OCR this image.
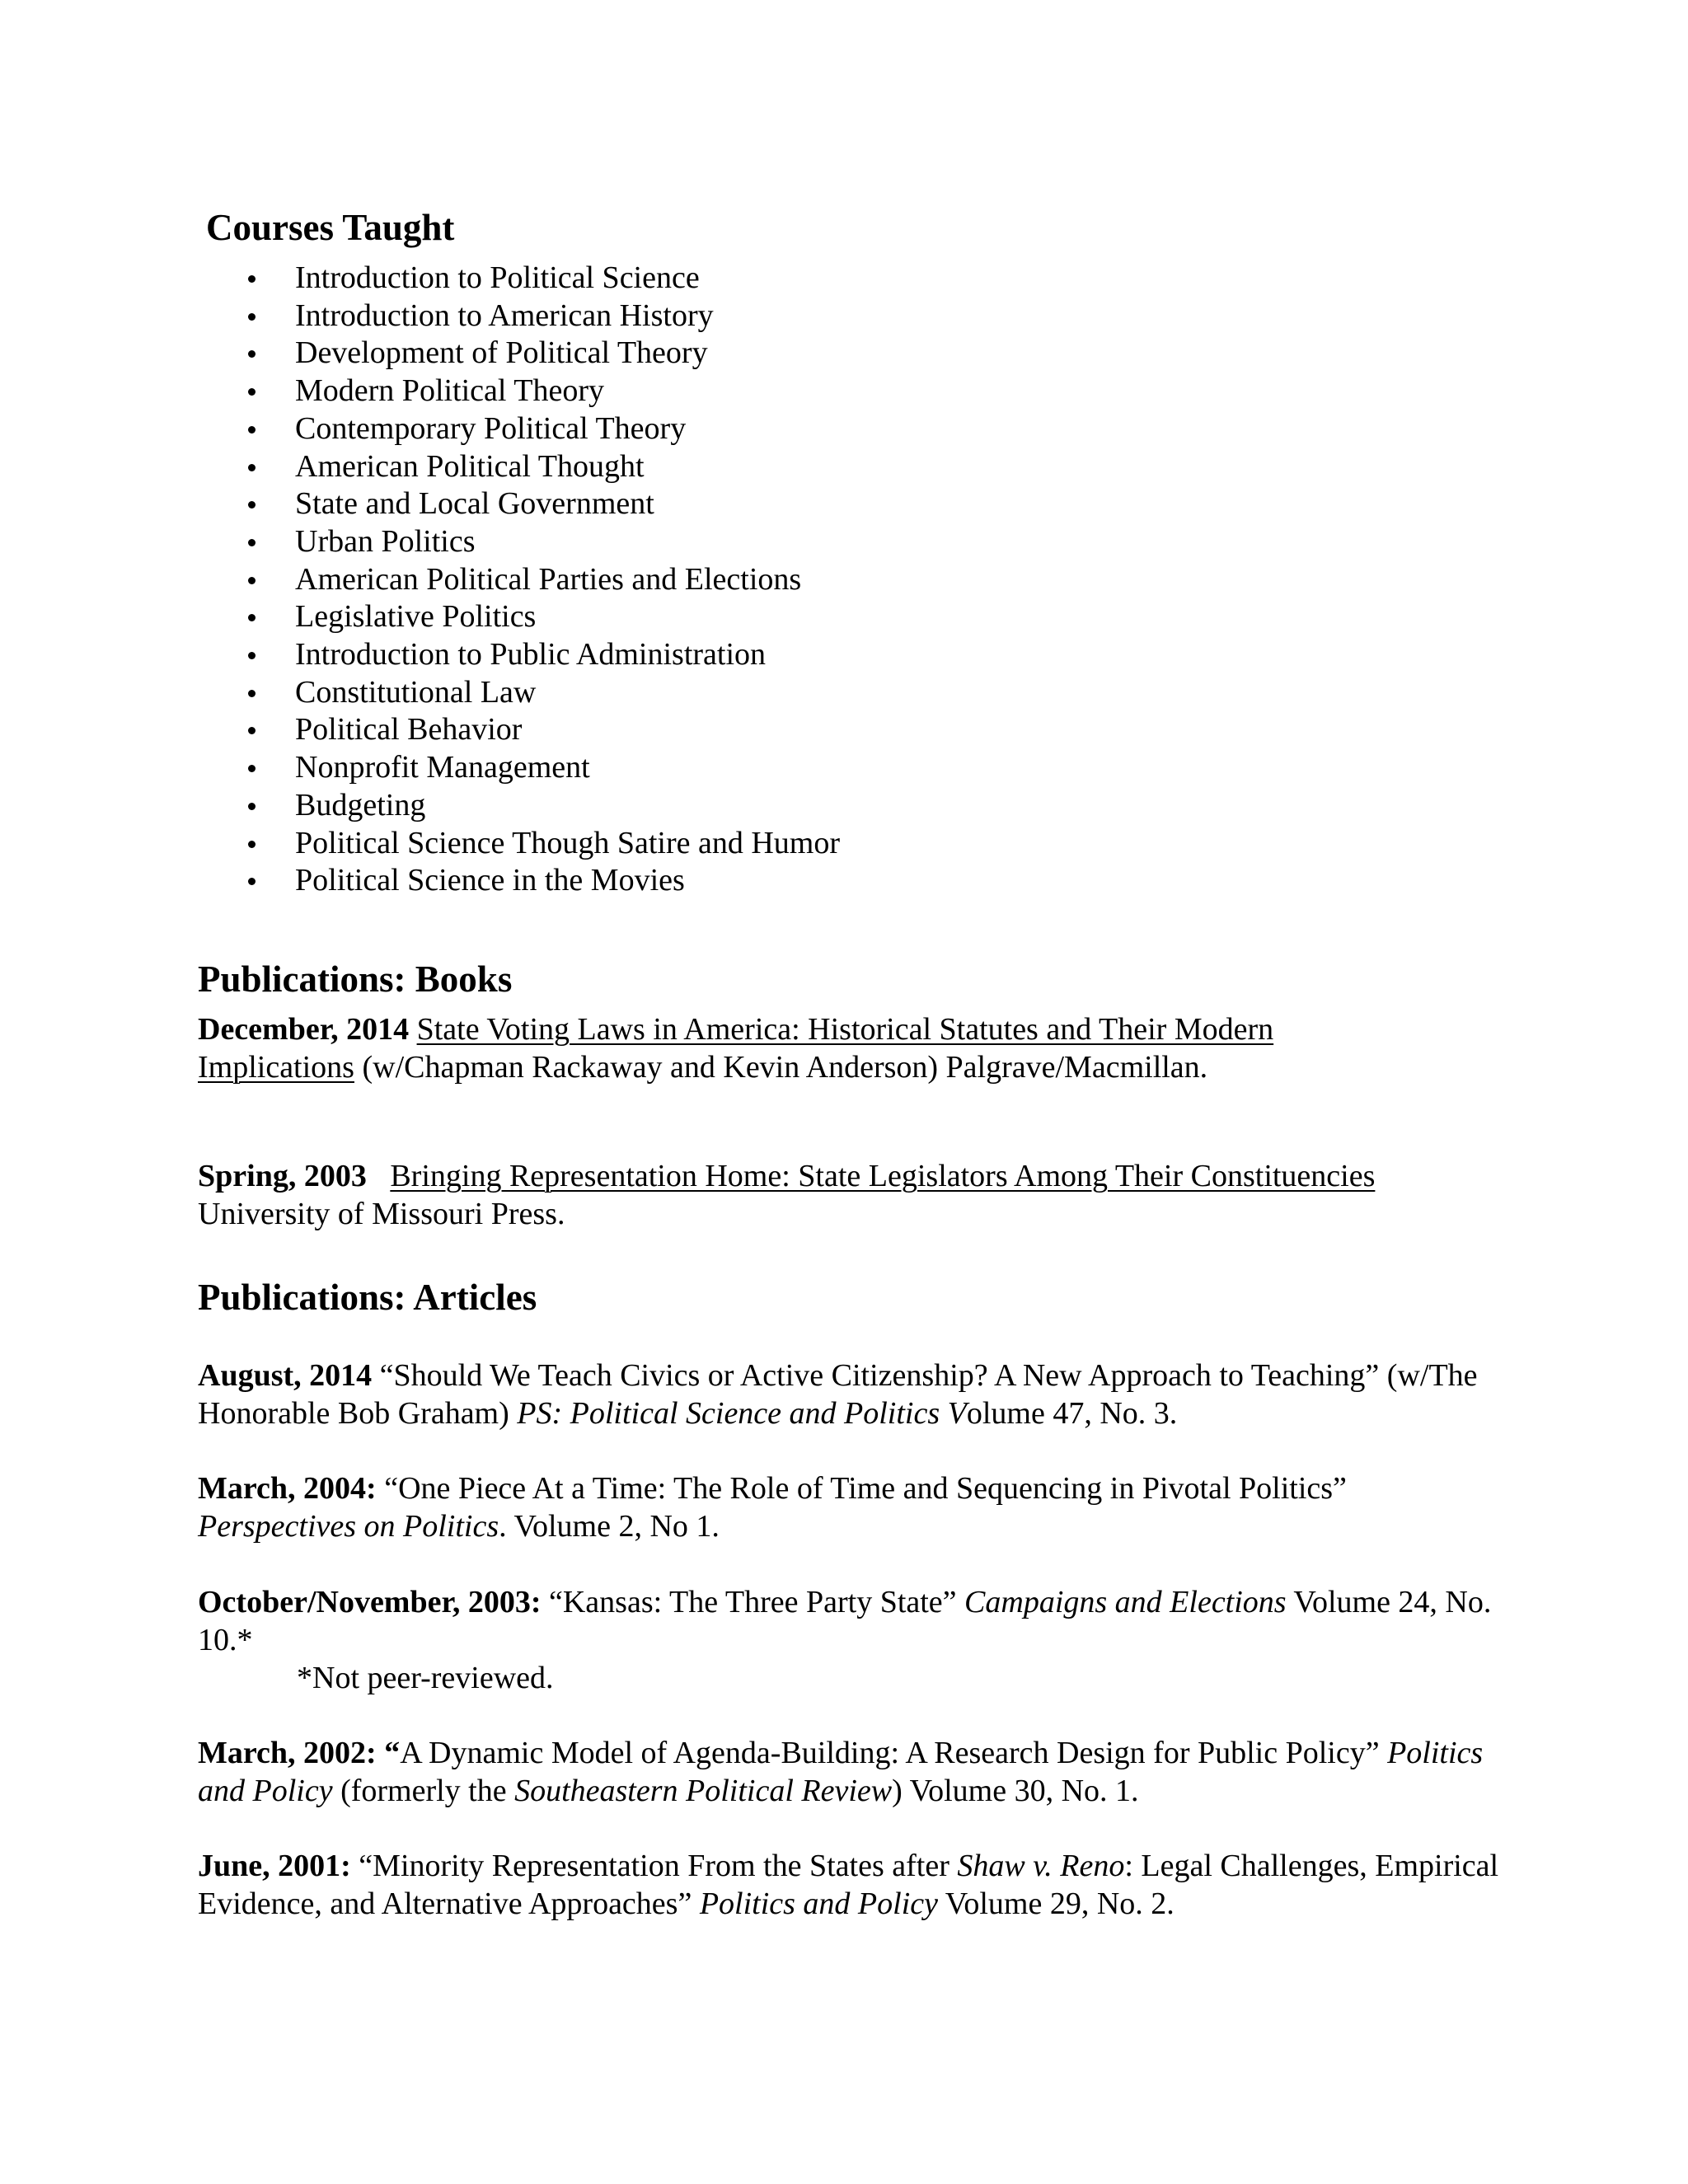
Courses Taught
Introduction to Political Science
Introduction to American History
Development of Political Theory
Modern Political Theory
Contemporary Political Theory
American Political Thought
State and Local Government
Urban Politics
American Political Parties and Elections
Legislative Politics
Introduction to Public Administration
Constitutional Law
Political Behavior
Nonprofit Management
Budgeting
Political Science Though Satire and Humor
Political Science in the Movies
Publications: Books

December, 2014 State Voting Laws in America: Historical Statutes and Their Modern
Implications (w/Chapman Rackaway and Kevin Anderson) Palgrave/Macmillan.

Spring, 2003 Bringing Representation Home: State Legislators Among Their Constituencies
University of Missouri Press.

Publications: Articles

August, 2014 “Should We Teach Civics or Active Citizenship? A New Approach to Teaching” (w/The Honorable Bob Graham) PS: Political Science and Politics Volume 47, No. 3.

March, 2004: “One Piece At a Time: The Role of Time and Sequencing in Pivotal Politics” Perspectives on Politics. Volume 2, No 1.

October/November, 2003: “Kansas: The Three Party State” Campaigns and Elections Volume 24, No. 10.*
*Not peer-reviewed.

March, 2002: “A Dynamic Model of Agenda-Building: A Research Design for Public Policy” Politics and Policy (formerly the Southeastern Political Review) Volume 30, No. 1.

June, 2001: “Minority Representation From the States after Shaw v. Reno: Legal Challenges, Empirical Evidence, and Alternative Approaches” Politics and Policy Volume 29, No. 2.
